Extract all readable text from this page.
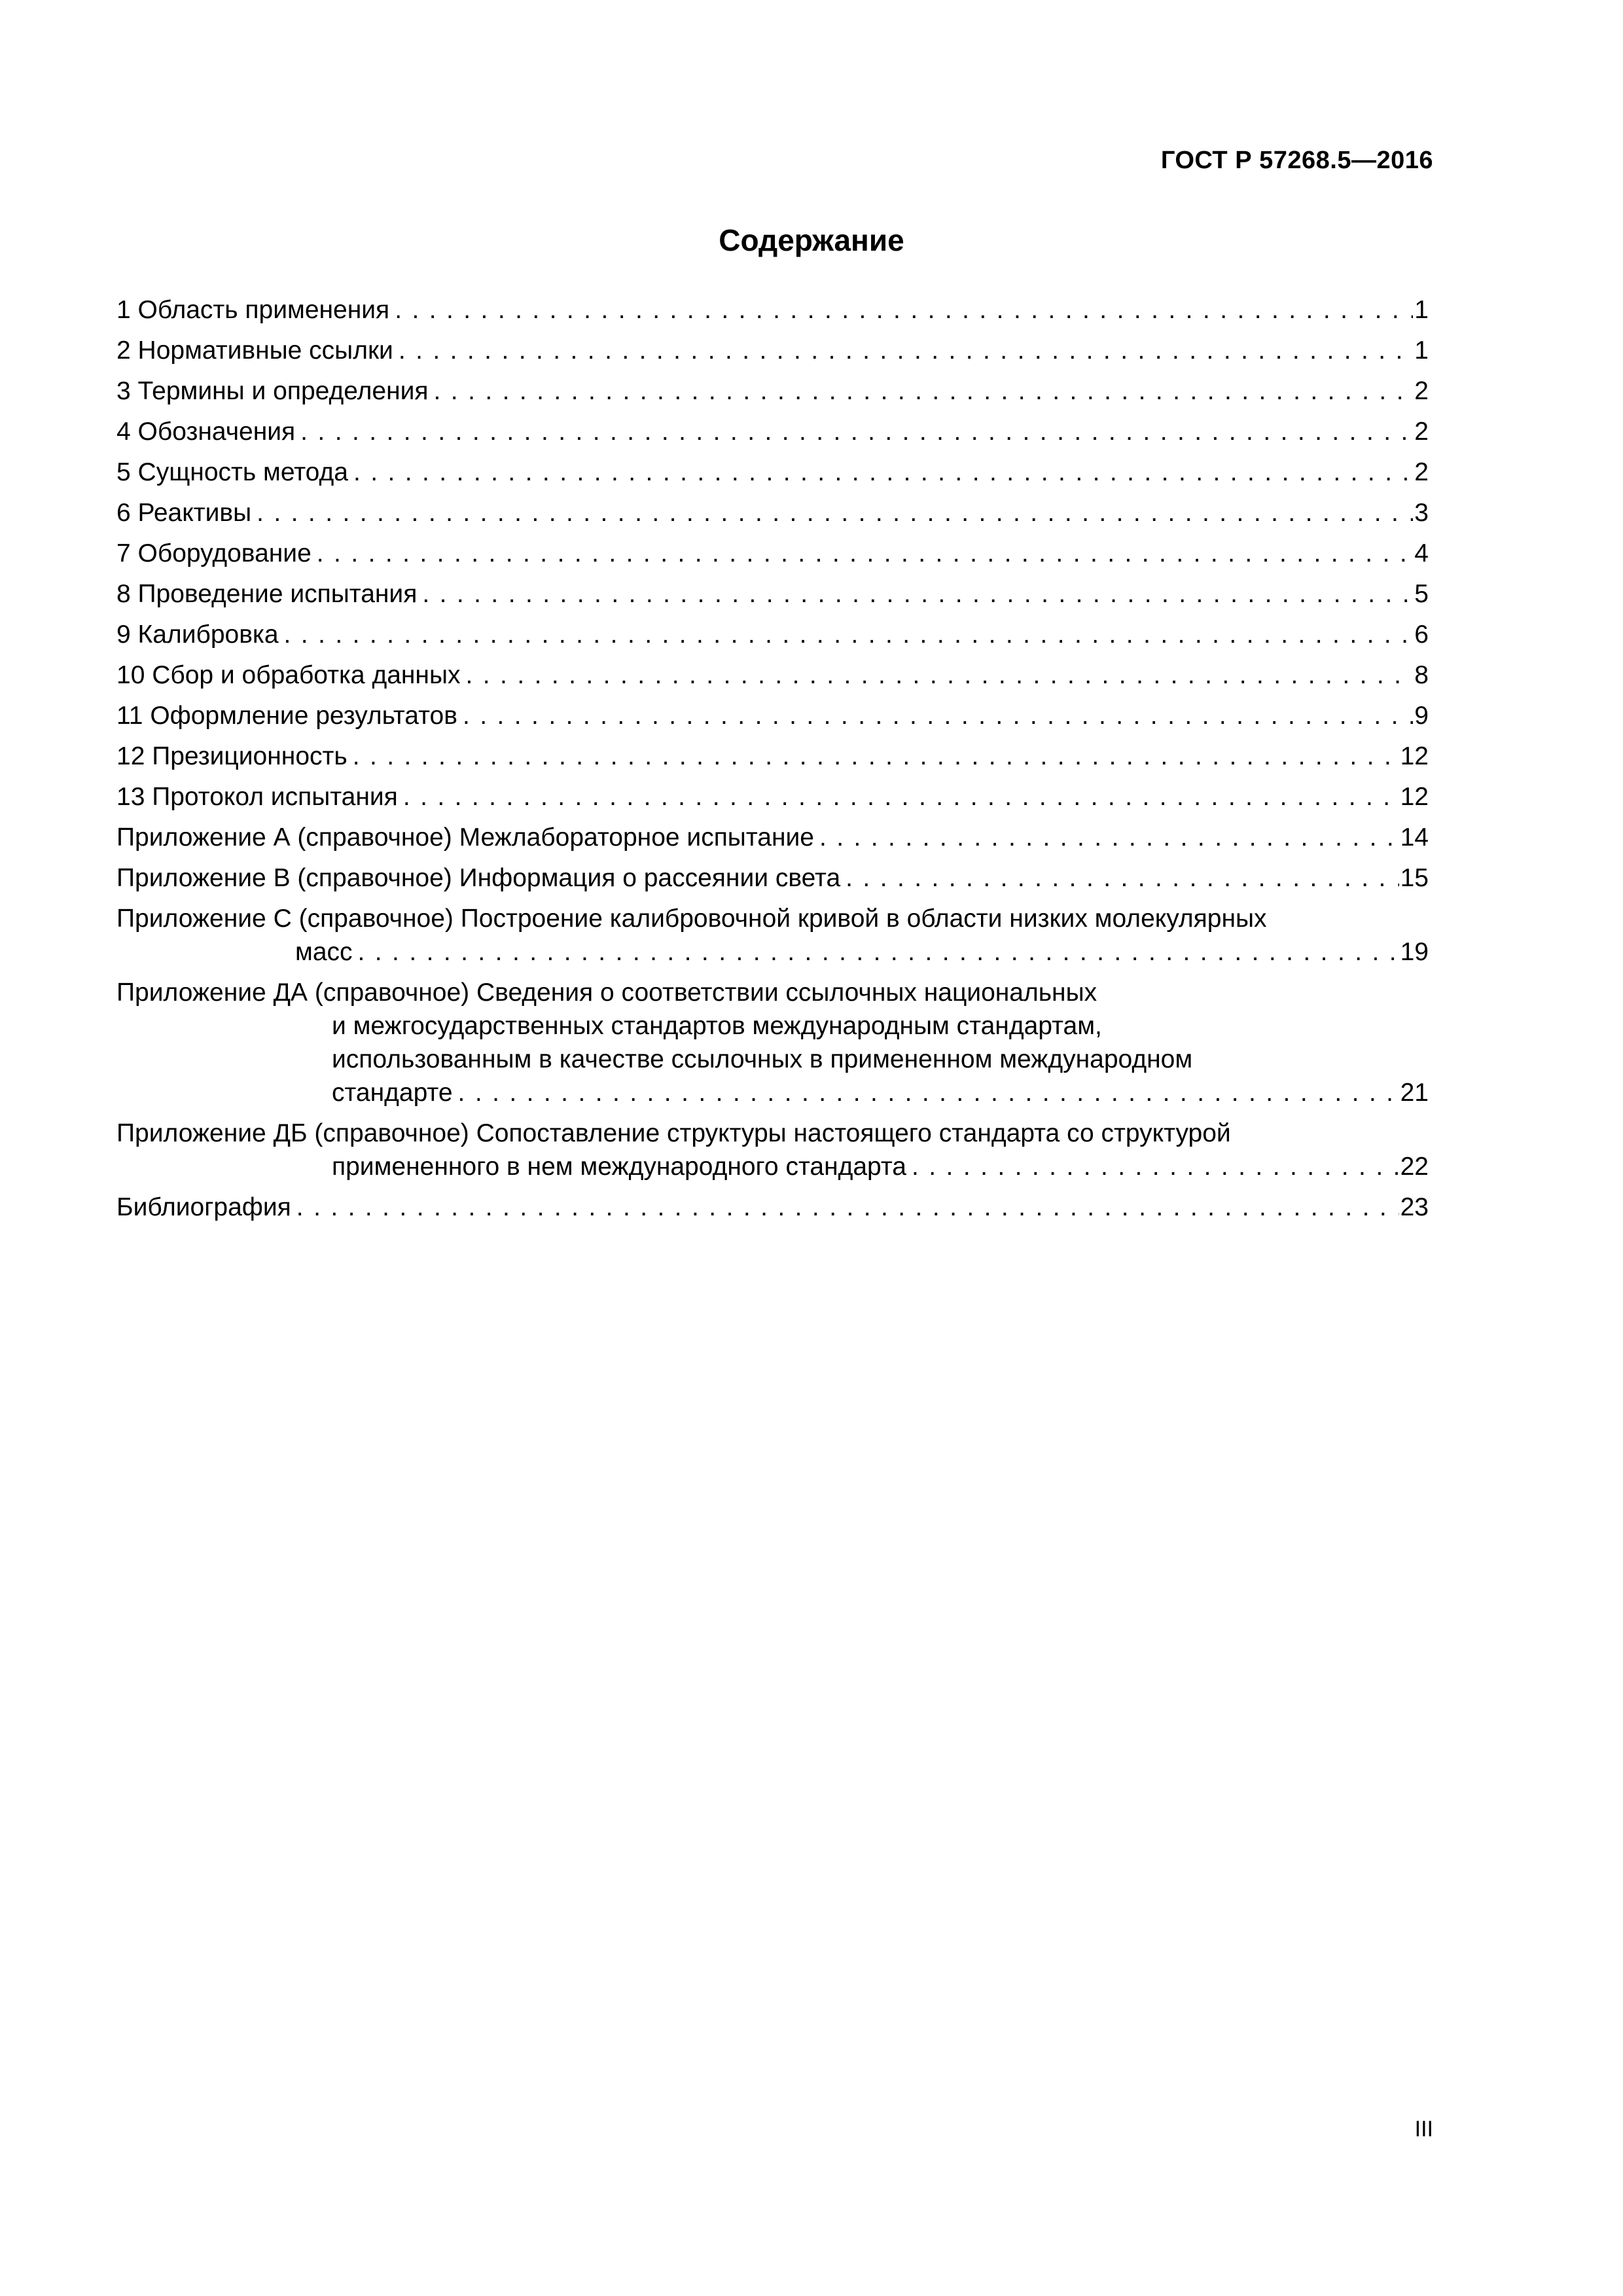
ГОСТ Р 57268.5—2016
Содержание
1 Область применения . . .	1
2 Нормативные ссылки . . .	1
3 Термины и определения . . .	2
4 Обозначения . . .	2
5 Сущность метода . . .	2
6 Реактивы . . .	3
7 Оборудование . . .	4
8 Проведение испытания . . .	5
9 Калибровка . . .	6
10 Сбор и обработка данных . . .	8
11 Оформление результатов . . .	9
12 Презиционность . . .	12
13 Протокол испытания . . .	12
Приложение А (справочное) Межлабораторное испытание . . .	14
Приложение В (справочное) Информация о рассеянии света . . .	15
Приложение С (справочное) Построение калибровочной кривой в области низких молекулярных
масс . . .	19
Приложение ДА (справочное) Сведения о соответствии ссылочных национальных
и межгосударственных стандартов международным стандартам,
использованным в качестве ссылочных в примененном международном
стандарте . . .	21
Приложение ДБ (справочное) Сопоставление структуры настоящего стандарта со структурой
примененного в нем международного стандарта . . .	22
Библиография . . .	23
III
